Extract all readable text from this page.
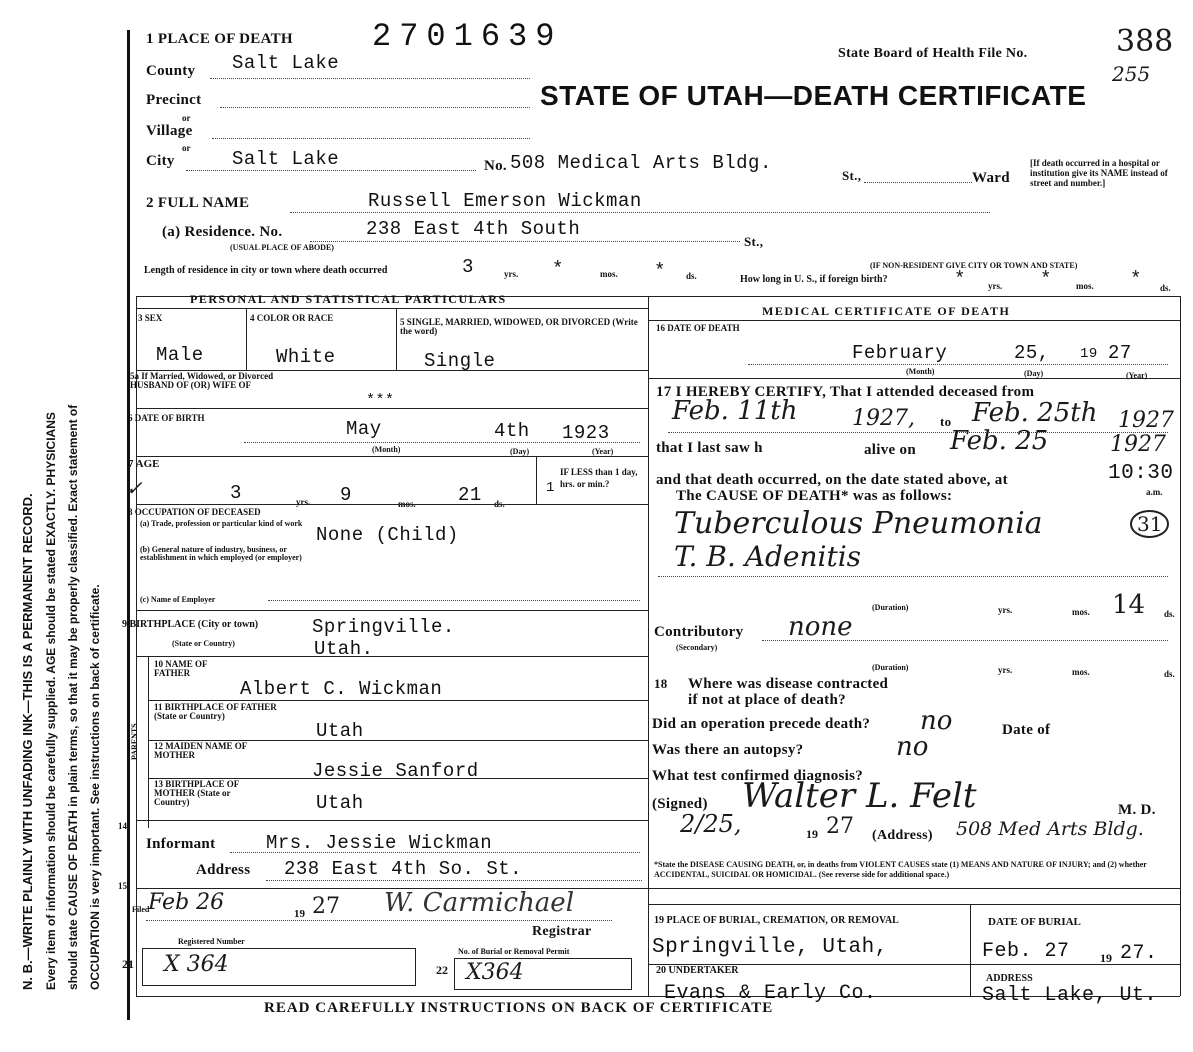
N. B.—WRITE PLAINLY WITH UNFADING INK—THIS IS A PERMANENT RECORD. Every item of information should be carefully supplied. AGE should be stated EXACTLY. PHYSICIANS should state CAUSE OF DEATH in plain terms, so that it may be properly classified. Exact statement of OCCUPATION is very important. See instructions on back of certificate.
1 PLACE OF DEATH 2701639	State Board of Health File No.	388
255
STATE OF UTAH—DEATH CERTIFICATE
County Salt Lake
Precinct
or
Village
or
City	Salt Lake	No. 508 Medical Arts Bldg.
St.,	Ward
[If death occurred in a hospital or institution give its NAME instead of street and number.]
2 FULL NAME	Russell Emerson Wickman
(a) Residence. No.	238 East 4th South
(USUAL PLACE OF ABODE)	St.,
(IF NON-RESIDENT GIVE CITY OR TOWN AND STATE)
Length of residence in city or town where death occurred	3	yrs. *	mos. * ds.	How long in U. S., if foreign birth?	* yrs. *	mos. * ds.
PERSONAL AND STATISTICAL PARTICULARS
MEDICAL CERTIFICATE OF DEATH
3 SEX
Male
4 COLOR OR RACE
White
5 SINGLE, MARRIED, WIDOWED, OR DIVORCED (Write the word)
Single
5a If Married, Widowed, or Divorced HUSBAND OF (OR) WIFE OF
***
6 DATE OF BIRTH	May	4th 1923
(Month)	(Day)	(Year)
7 AGE
✓	3	yrs. 9	mos. 21 ds.
IF LESS than 1 day, hrs. or min.?
1
8 OCCUPATION OF DECEASED
(a) Trade, profession or particular kind of work
(b) General nature of industry, business, or establishment in which employed (or employer)
None (Child)
(c) Name of Employer
9 BIRTHPLACE (City or town)	Springville.
(State or Country)	Utah.
PARENTS
10 NAME OF FATHER
Albert C. Wickman
11 BIRTHPLACE OF FATHER (State or Country)
Utah
12 MAIDEN NAME OF MOTHER
Jessie Sanford
13 BIRTHPLACE OF MOTHER (State or Country)	Utah
14
Informant	Mrs. Jessie Wickman
Address 238 East 4th So. St.
15
Filed
Feb 26	19 27 W. Carmichael
Registrar
Registered Number
21 X 364
No. of Burial or Removal Permit
22 X364
16 DATE OF DEATH
February	25, 19 27
(Month)	(Day)	(Year)
17 I HEREBY CERTIFY, That I attended deceased from
Feb. 11th 1927, to Feb. 25th 1927
that I last saw h	alive on Feb. 25	1927
and that death occurred, on the date stated above, at	10:30
a.m.
The CAUSE OF DEATH* was as follows:
Tuberculous Pneumonia	31
T. B. Adenitis
(Duration)	yrs.	mos. 14 ds.
Contributory
(Secondary)
none
(Duration)	yrs.	mos.	ds.
18 Where was disease contracted
if not at place of death?
Did an operation precede death? no	Date of
Was there an autopsy?	no
What test confirmed diagnosis?
(Signed) Walter L. Felt	M. D.
2/25,	19 27 (Address) 508 Med Arts Bldg.
*State the DISEASE CAUSING DEATH, or, in deaths from VIOLENT CAUSES state (1) MEANS AND NATURE OF INJURY; and (2) whether ACCIDENTAL, SUICIDAL OR HOMICIDAL. (See reverse side for additional space.)
19 PLACE OF BURIAL, CREMATION, OR REMOVAL
Springville, Utah,
DATE OF BURIAL
Feb. 27	19 27.
20 UNDERTAKER
Evans & Early Co.
ADDRESS
Salt Lake, Ut.
READ CAREFULLY INSTRUCTIONS ON BACK OF CERTIFICATE
